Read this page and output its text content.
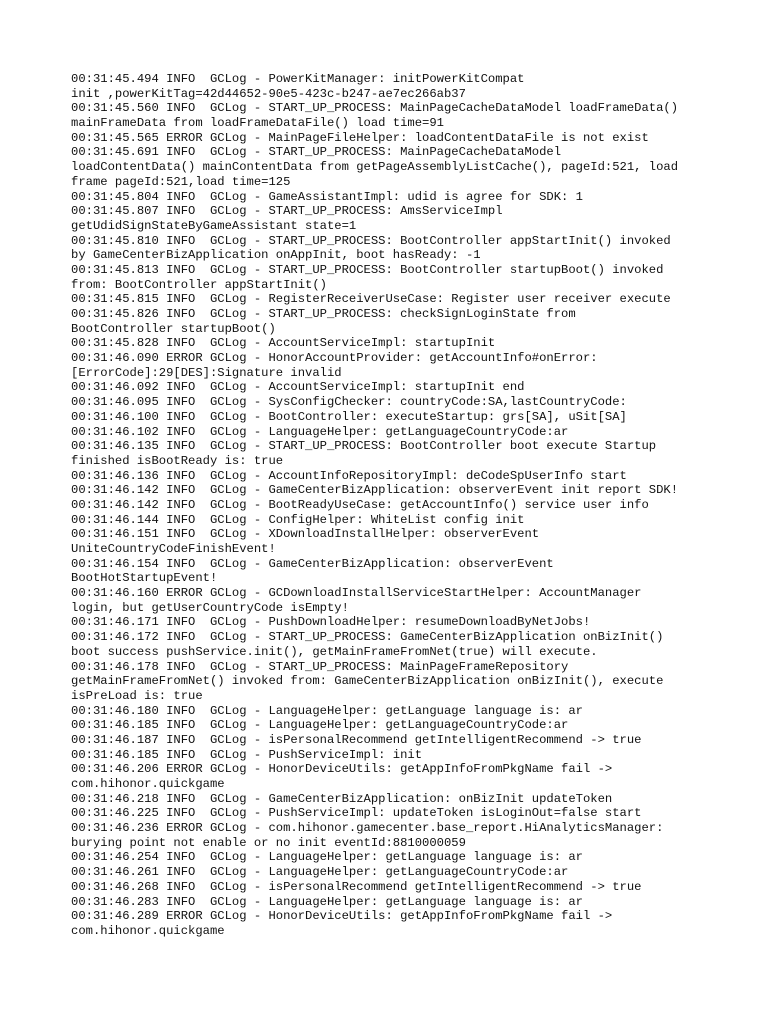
00:31:45.494 INFO  GCLog - PowerKitManager: initPowerKitCompat
init ,powerKitTag=42d44652-90e5-423c-b247-ae7ec266ab37
00:31:45.560 INFO  GCLog - START_UP_PROCESS: MainPageCacheDataModel loadFrameData()
mainFrameData from loadFrameDataFile() load time=91
00:31:45.565 ERROR GCLog - MainPageFileHelper: loadContentDataFile is not exist
00:31:45.691 INFO  GCLog - START_UP_PROCESS: MainPageCacheDataModel
loadContentData() mainContentData from getPageAssemblyListCache(), pageId:521, load
frame pageId:521,load time=125
00:31:45.804 INFO  GCLog - GameAssistantImpl: udid is agree for SDK: 1
00:31:45.807 INFO  GCLog - START_UP_PROCESS: AmsServiceImpl
getUdidSignStateByGameAssistant state=1
00:31:45.810 INFO  GCLog - START_UP_PROCESS: BootController appStartInit() invoked
by GameCenterBizApplication onAppInit, boot hasReady: -1
00:31:45.813 INFO  GCLog - START_UP_PROCESS: BootController startupBoot() invoked
from: BootController appStartInit()
00:31:45.815 INFO  GCLog - RegisterReceiverUseCase: Register user receiver execute
00:31:45.826 INFO  GCLog - START_UP_PROCESS: checkSignLoginState from
BootController startupBoot()
00:31:45.828 INFO  GCLog - AccountServiceImpl: startupInit
00:31:46.090 ERROR GCLog - HonorAccountProvider: getAccountInfo#onError:
[ErrorCode]:29[DES]:Signature invalid
00:31:46.092 INFO  GCLog - AccountServiceImpl: startupInit end
00:31:46.095 INFO  GCLog - SysConfigChecker: countryCode:SA,lastCountryCode:
00:31:46.100 INFO  GCLog - BootController: executeStartup: grs[SA], uSit[SA]
00:31:46.102 INFO  GCLog - LanguageHelper: getLanguageCountryCode:ar
00:31:46.135 INFO  GCLog - START_UP_PROCESS: BootController boot execute Startup
finished isBootReady is: true
00:31:46.136 INFO  GCLog - AccountInfoRepositoryImpl: deCodeSpUserInfo start
00:31:46.142 INFO  GCLog - GameCenterBizApplication: observerEvent init report SDK!
00:31:46.142 INFO  GCLog - BootReadyUseCase: getAccountInfo() service user info
00:31:46.144 INFO  GCLog - ConfigHelper: WhiteList config init
00:31:46.151 INFO  GCLog - XDownloadInstallHelper: observerEvent
UniteCountryCodeFinishEvent!
00:31:46.154 INFO  GCLog - GameCenterBizApplication: observerEvent
BootHotStartupEvent!
00:31:46.160 ERROR GCLog - GCDownloadInstallServiceStartHelper: AccountManager
login, but getUserCountryCode isEmpty!
00:31:46.171 INFO  GCLog - PushDownloadHelper: resumeDownloadByNetJobs!
00:31:46.172 INFO  GCLog - START_UP_PROCESS: GameCenterBizApplication onBizInit()
boot success pushService.init(), getMainFrameFromNet(true) will execute.
00:31:46.178 INFO  GCLog - START_UP_PROCESS: MainPageFrameRepository
getMainFrameFromNet() invoked from: GameCenterBizApplication onBizInit(), execute
isPreLoad is: true
00:31:46.180 INFO  GCLog - LanguageHelper: getLanguage language is: ar
00:31:46.185 INFO  GCLog - LanguageHelper: getLanguageCountryCode:ar
00:31:46.187 INFO  GCLog - isPersonalRecommend getIntelligentRecommend -> true
00:31:46.185 INFO  GCLog - PushServiceImpl: init
00:31:46.206 ERROR GCLog - HonorDeviceUtils: getAppInfoFromPkgName fail ->
com.hihonor.quickgame
00:31:46.218 INFO  GCLog - GameCenterBizApplication: onBizInit updateToken
00:31:46.225 INFO  GCLog - PushServiceImpl: updateToken isLoginOut=false start
00:31:46.236 ERROR GCLog - com.hihonor.gamecenter.base_report.HiAnalyticsManager:
burying point not enable or no init eventId:8810000059
00:31:46.254 INFO  GCLog - LanguageHelper: getLanguage language is: ar
00:31:46.261 INFO  GCLog - LanguageHelper: getLanguageCountryCode:ar
00:31:46.268 INFO  GCLog - isPersonalRecommend getIntelligentRecommend -> true
00:31:46.283 INFO  GCLog - LanguageHelper: getLanguage language is: ar
00:31:46.289 ERROR GCLog - HonorDeviceUtils: getAppInfoFromPkgName fail ->
com.hihonor.quickgame
